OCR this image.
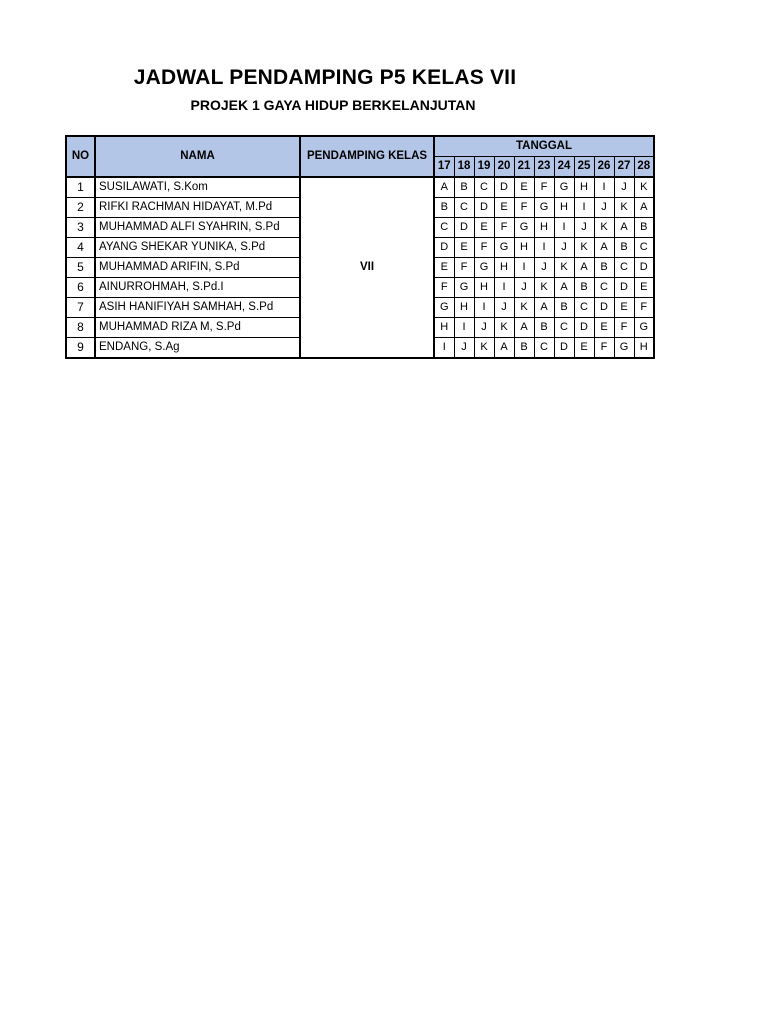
JADWAL PENDAMPING P5 KELAS VII
PROJEK 1 GAYA HIDUP BERKELANJUTAN
NO	NAMA	PENDAMPING KELAS	TANGGAL										
			17	18	19	20	21	23	24	25	26	27	28
1	SUSILAWATI, S.Kom	VII	A	B	C	D	E	F	G	H	I	J	K
2	RIFKI RACHMAN HIDAYAT, M.Pd		B	C	D	E	F	G	H	I	J	K	A
3	MUHAMMAD ALFI SYAHRIN, S.Pd		C	D	E	F	G	H	I	J	K	A	B
4	AYANG SHEKAR YUNIKA, S.Pd		D	E	F	G	H	I	J	K	A	B	C
5	MUHAMMAD ARIFIN, S.Pd		E	F	G	H	I	J	K	A	B	C	D
6	AINURROHMAH, S.Pd.I		F	G	H	I	J	K	A	B	C	D	E
7	ASIH HANIFIYAH SAMHAH, S.Pd		G	H	I	J	K	A	B	C	D	E	F
8	MUHAMMAD RIZA M, S.Pd		H	I	J	K	A	B	C	D	E	F	G
9	ENDANG, S.Ag		I	J	K	A	B	C	D	E	F	G	H
